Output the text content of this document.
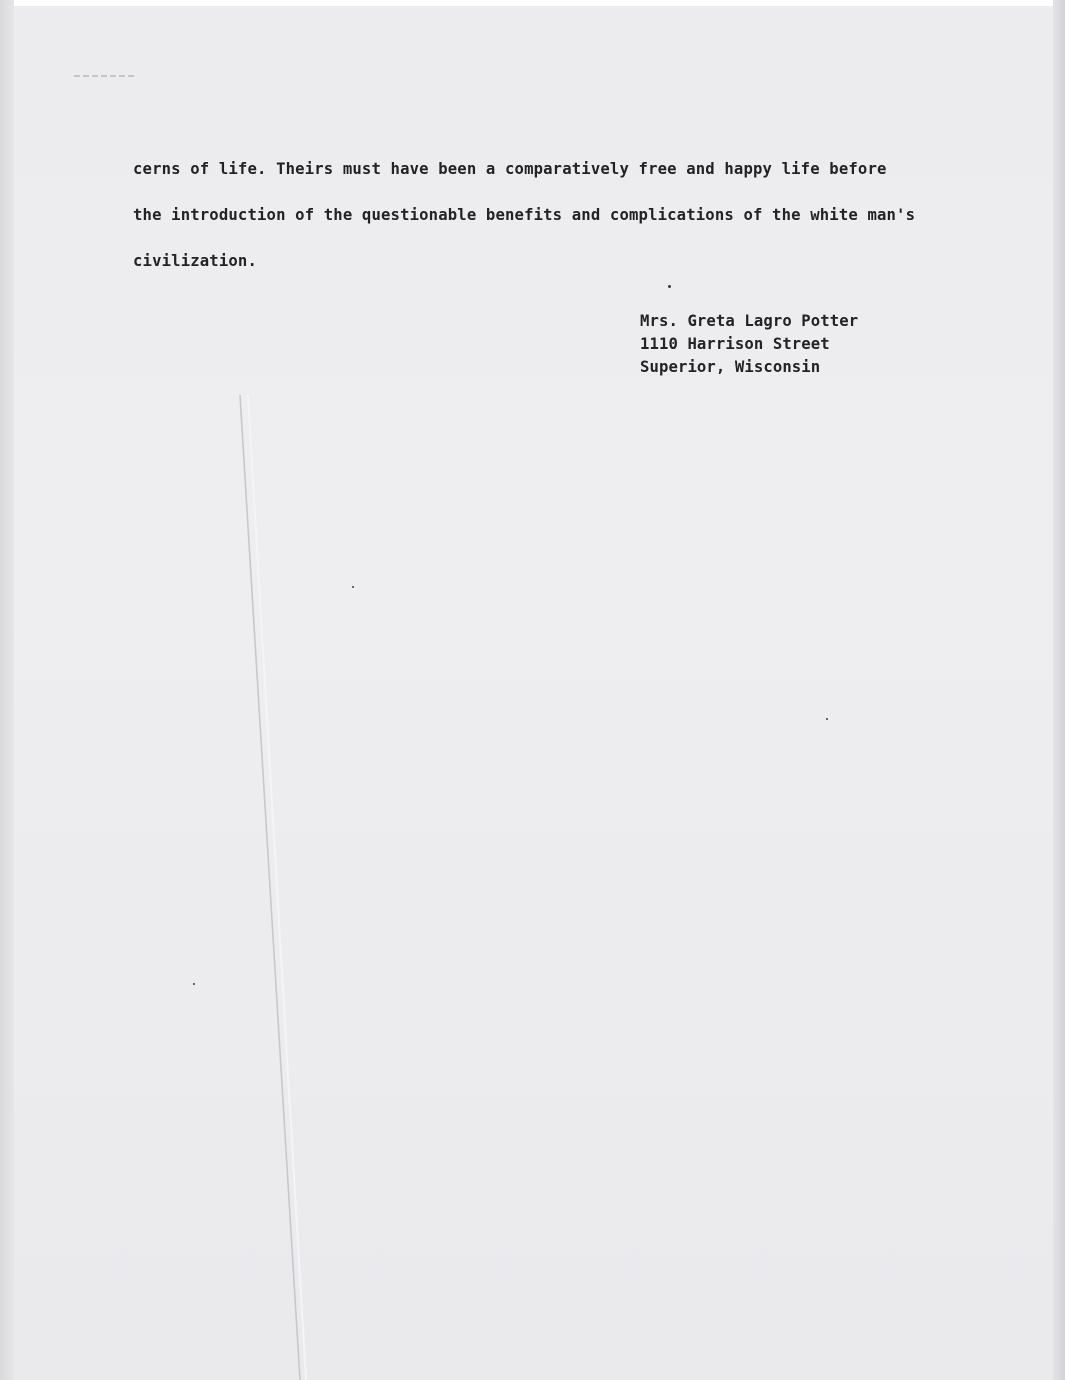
cerns of life. Theirs must have been a comparatively free and happy life before
the introduction of the questionable benefits and complications of the white man's
civilization.

Mrs. Greta Lagro Potter
1110 Harrison Street
Superior, Wisconsin
